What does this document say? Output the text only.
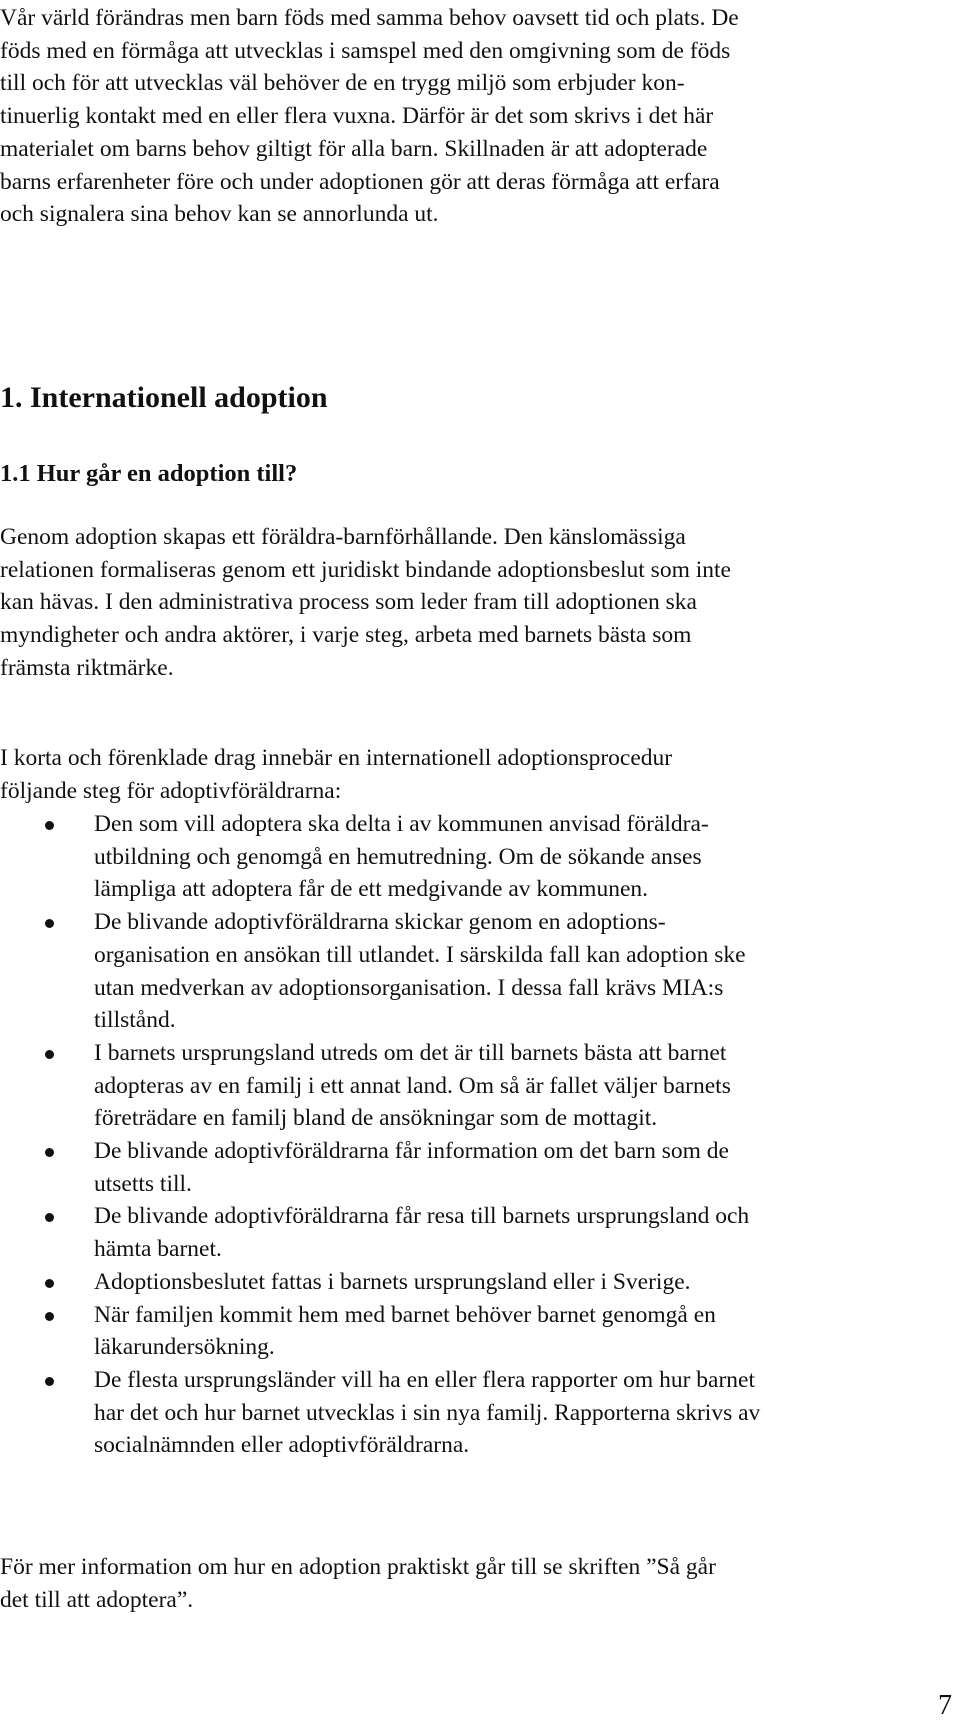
Vår värld förändras men barn föds med samma behov oavsett tid och plats. De
föds med en förmåga att utvecklas i samspel med den omgivning som de föds
till och för att utvecklas väl behöver de en trygg miljö som erbjuder kon-
tinuerlig kontakt med en eller flera vuxna. Därför är det som skrivs i det här
materialet om barns behov giltigt för alla barn. Skillnaden är att adopterade
barns erfarenheter före och under adoptionen gör att deras förmåga att erfara
och signalera sina behov kan se annorlunda ut.
1. Internationell adoption
1.1 Hur går en adoption till?
Genom adoption skapas ett föräldra-barnförhållande. Den känslomässiga
relationen formaliseras genom ett juridiskt bindande adoptionsbeslut som inte
kan hävas. I den administrativa process som leder fram till adoptionen ska
myndigheter och andra aktörer, i varje steg, arbeta med barnets bästa som
främsta riktmärke.
I korta och förenklade drag innebär en internationell adoptionsprocedur
följande steg för adoptivföräldrarna:
Den som vill adoptera ska delta i av kommunen anvisad föräldra-
utbildning och genomgå en hemutredning. Om de sökande anses
lämpliga att adoptera får de ett medgivande av kommunen.
De blivande adoptivföräldrarna skickar genom en adoptions-
organisation en ansökan till utlandet. I särskilda fall kan adoption ske
utan medverkan av adoptionsorganisation. I dessa fall krävs MIA:s
tillstånd.
I barnets ursprungsland utreds om det är till barnets bästa att barnet
adopteras av en familj i ett annat land. Om så är fallet väljer barnets
företrädare en familj bland de ansökningar som de mottagit.
De blivande adoptivföräldrarna får information om det barn som de
utsetts till.
De blivande adoptivföräldrarna får resa till barnets ursprungsland och
hämta barnet.
Adoptionsbeslutet fattas i barnets ursprungsland eller i Sverige.
När familjen kommit hem med barnet behöver barnet genomgå en
läkarundersökning.
De flesta ursprungsländer vill ha en eller flera rapporter om hur barnet
har det och hur barnet utvecklas i sin nya familj. Rapporterna skrivs av
socialnämnden eller adoptivföräldrarna.
För mer information om hur en adoption praktiskt går till se skriften ”Så går
det till att adoptera”.
7
